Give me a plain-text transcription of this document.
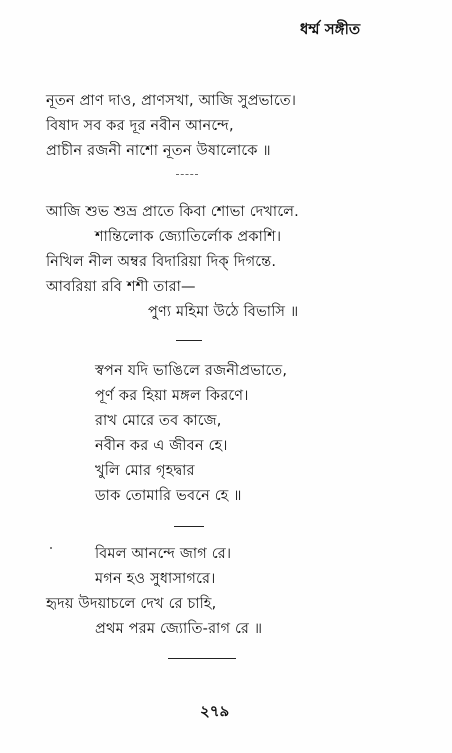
ধর্ম্ম সঙ্গীত
নূতন প্রাণ দাও, প্রাণসখা, আজি সুপ্রভাতে।
বিষাদ সব কর দূর নবীন আনন্দে,
প্রাচীন রজনী নাশো নূতন উষালোকে ॥
আজি শুভ শুভ্র প্রাতে কিবা শোভা দেখালে.
শান্তিলোক জ্যোতির্লোক প্রকাশি।
নিখিল নীল অম্বর বিদারিয়া দিক্ দিগন্তে.
আবরিয়া রবি শশী তারা—
পুণ্য মহিমা উঠে বিভাসি ॥
স্বপন যদি ভাঙিলে রজনীপ্রভাতে,
পূর্ণ কর হিয়া মঙ্গল কিরণে।
রাখ মোরে তব কাজে,
নবীন কর এ জীবন হে।
খুলি মোর গৃহদ্বার
ডাক তোমারি ভবনে হে ॥
বিমল আনন্দে জাগ রে।
মগন হও সুধাসাগরে।
হৃদয় উদয়াচলে দেখ রে চাহি,
প্রথম পরম জ্যোতি-রাগ রে ॥
২৭৯
